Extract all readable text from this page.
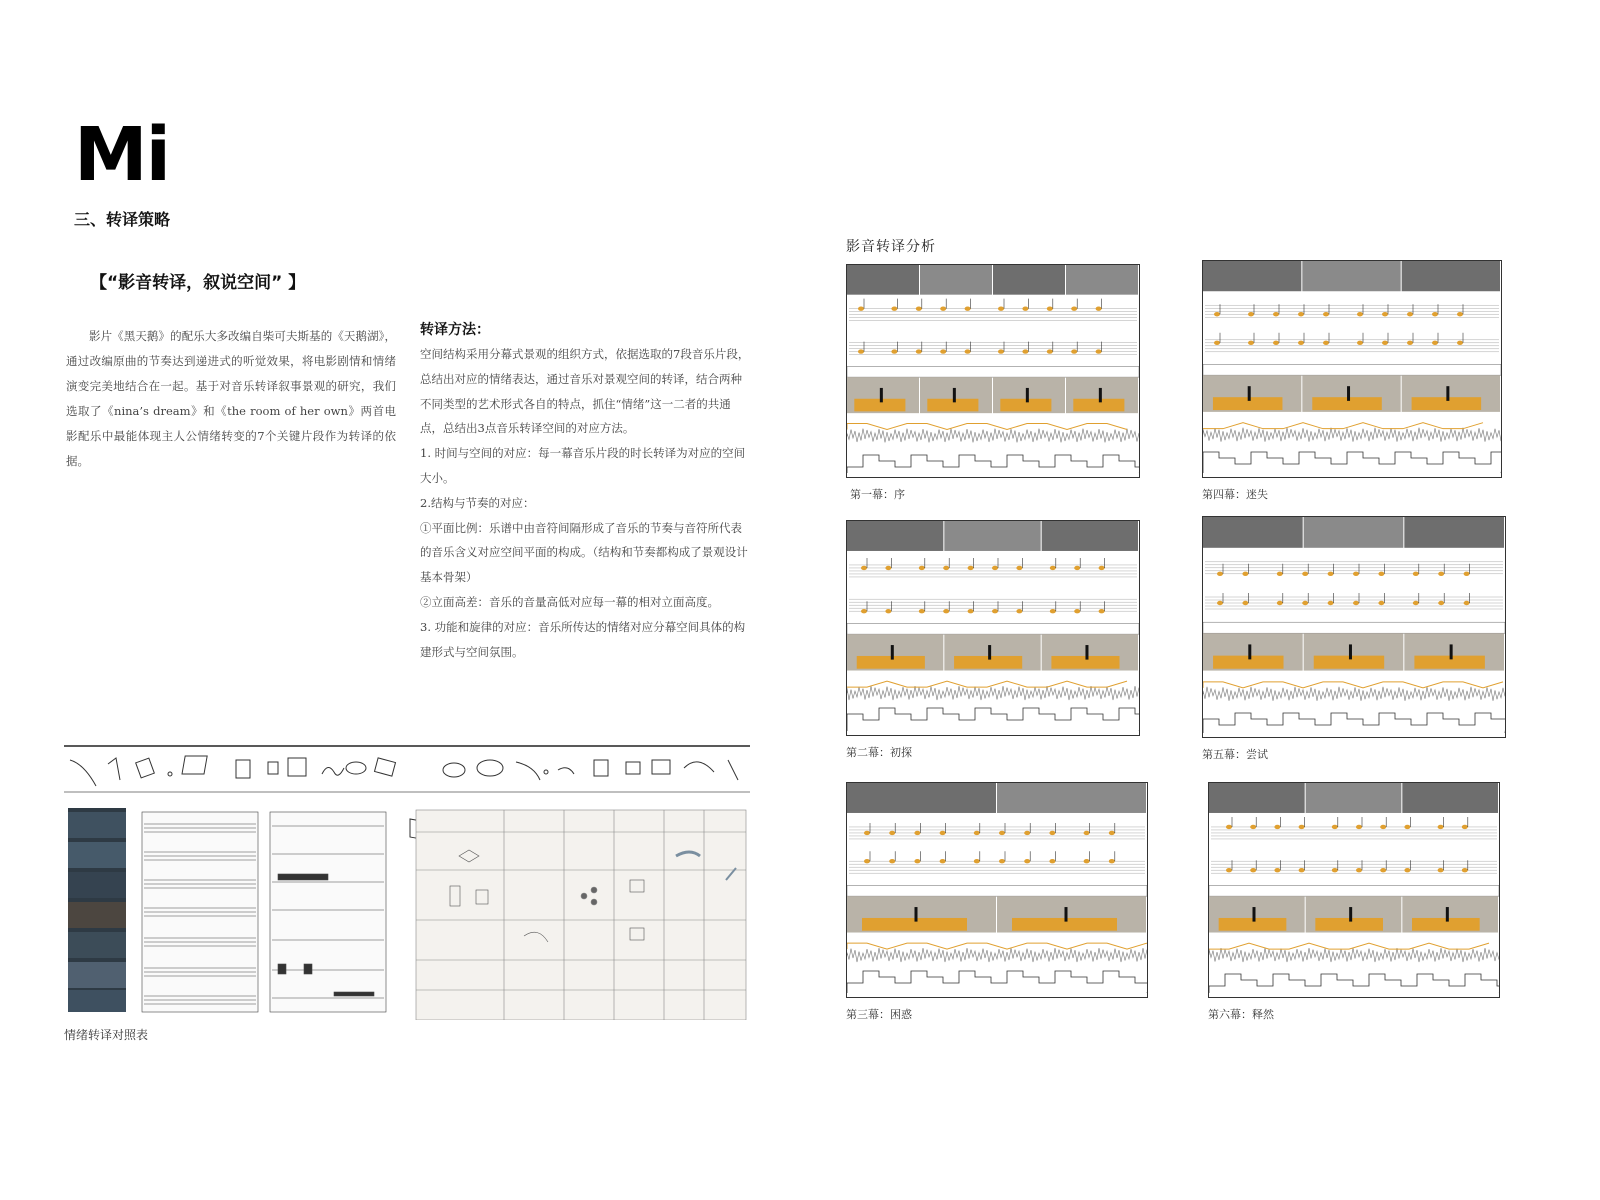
Mi
三、转译策略
【“影音转译，叙说空间” 】

影片《黑天鹅》的配乐大多改编自柴可夫斯基的《天鹅湖》，通过改编原曲的节奏达到递进式的听觉效果，将电影剧情和情绪演变完美地结合在一起。基于对音乐转译叙事景观的研究，我们选取了《nina’s dream》和《the room of her own》两首电影配乐中最能体现主人公情绪转变的7个关键片段作为转译的依据。

转译方法：

空间结构采用分幕式景观的组织方式，依据选取的7段音乐片段，总结出对应的情绪表达，通过音乐对景观空间的转译，结合两种不同类型的艺术形式各自的特点，抓住“情绪”这一二者的共通点，总结出3点音乐转译空间的对应方法。

1. 时间与空间的对应：每一幕音乐片段的时长转译为对应的空间大小。

2.结构与节奏的对应：

①平面比例：乐谱中由音符间隔形成了音乐的节奏与音符所代表的音乐含义对应空间平面的构成。（结构和节奏都构成了景观设计基本骨架）

②立面高差：音乐的音量高低对应每一幕的相对立面高度。

3. 功能和旋律的对应：音乐所传达的情绪对应分幕空间具体的构建形式与空间氛围。

影音转译分析
第一幕：序
第二幕：初探
第三幕：困惑
第四幕：迷失
第五幕：尝试
第六幕：释然
情绪转译对照表
